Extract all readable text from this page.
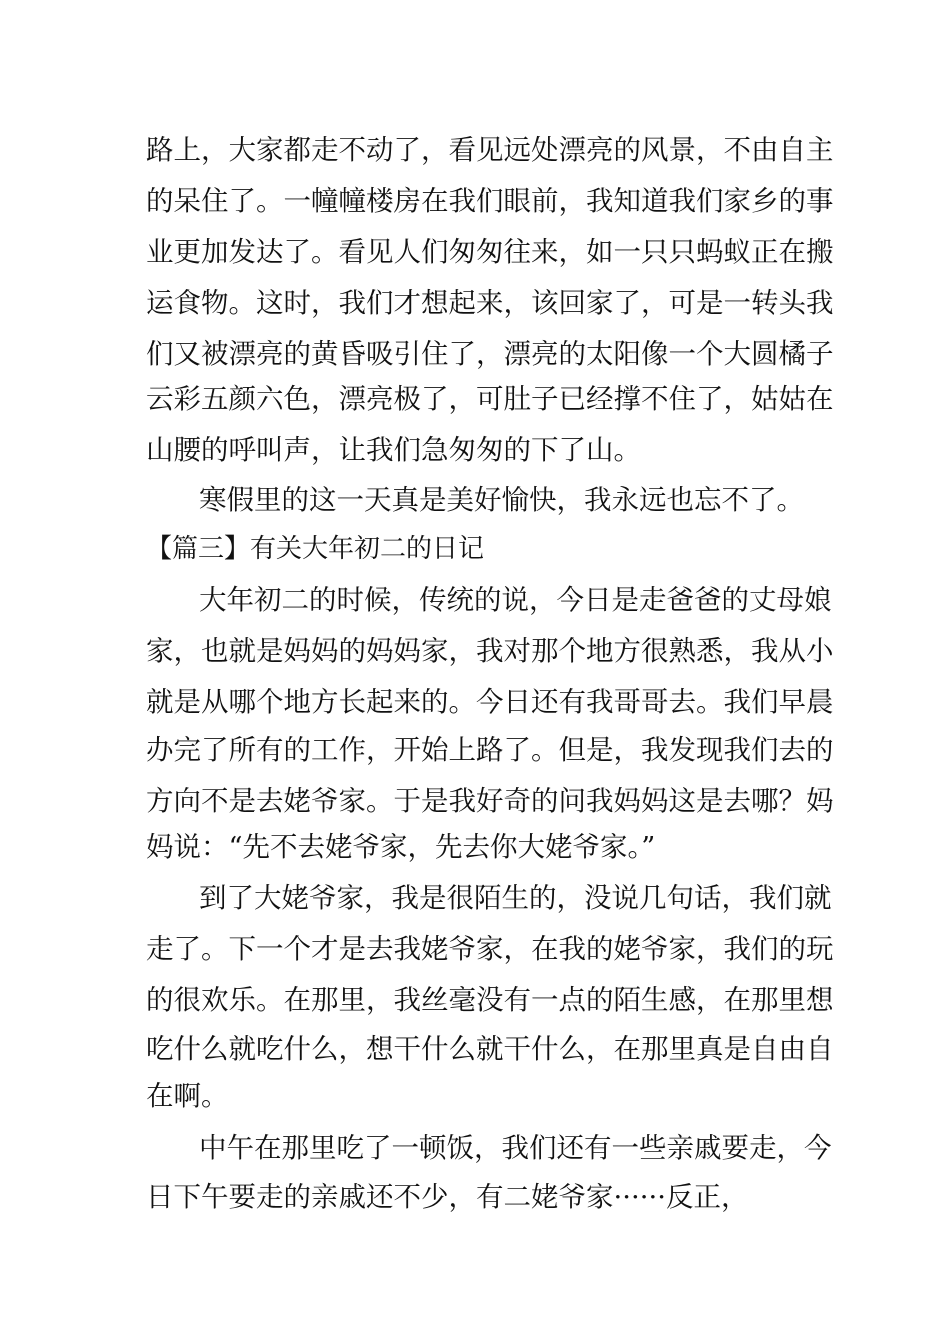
路上，大家都走不动了，看见远处漂亮的风景，不由自主
的呆住了。一幢幢楼房在我们眼前，我知道我们家乡的事
业更加发达了。看见人们匆匆往来，如一只只蚂蚁正在搬
运食物。这时，我们才想起来，该回家了，可是一转头我
们又被漂亮的黄昏吸引住了，漂亮的太阳像一个大圆橘子
云彩五颜六色，漂亮极了，可肚子已经撑不住了，姑姑在
山腰的呼叫声，让我们急匆匆的下了山。
寒假里的这一天真是美好愉快，我永远也忘不了。
【篇三】有关大年初二的日记
大年初二的时候，传统的说，今日是走爸爸的丈母娘
家，也就是妈妈的妈妈家，我对那个地方很熟悉，我从小
就是从哪个地方长起来的。今日还有我哥哥去。我们早晨
办完了所有的工作，开始上路了。但是，我发现我们去的
方向不是去姥爷家。于是我好奇的问我妈妈这是去哪？妈
妈说：“先不去姥爷家，先去你大姥爷家。”
到了大姥爷家，我是很陌生的，没说几句话，我们就
走了。下一个才是去我姥爷家，在我的姥爷家，我们的玩
的很欢乐。在那里，我丝毫没有一点的陌生感，在那里想
吃什么就吃什么，想干什么就干什么，在那里真是自由自
在啊。
中午在那里吃了一顿饭，我们还有一些亲戚要走，今
日下午要走的亲戚还不少，有二姥爷家······反正，
